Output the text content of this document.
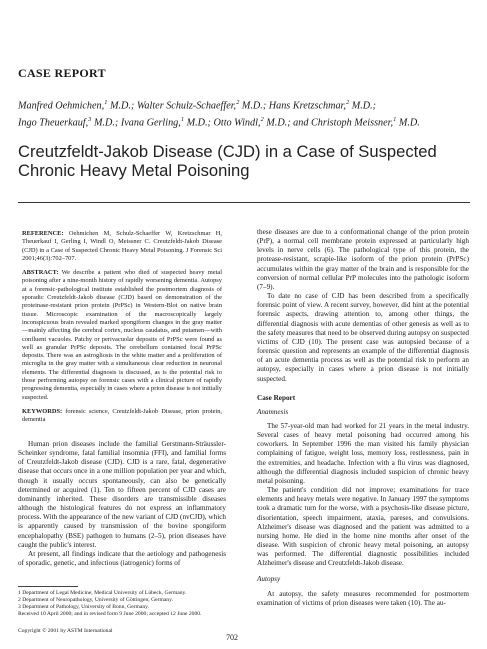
CASE REPORT
Manfred Oehmichen,$^1$ M.D.; Walter Schulz-Schaeffer,$^2$ M.D.; Hans Kretzschmar,$^2$ M.D.;
Ingo Theuerkauf,$^3$ M.D.; Ivana Gerling,$^1$ M.D.; Otto Windl,$^2$ M.D.; and Christoph Meissner,$^1$ M.D.
Creutzfeldt-Jakob Disease (CJD) in a Case of Suspected Chronic Heavy Metal Poisoning

REFERENCE: Oehmichen M, Schulz-Schaeffer W, Kretzschmar H, Theuerkauf I, Gerling I, Windl O, Meissner C. Creutzfeldt-Jakob Disease (CJD) in a Case of Suspected Chronic Heavy Metal Poisoning. J Forensic Sci 2001;46(3):702–707.

ABSTRACT: We describe a patient who died of suspected heavy metal poisoning after a nine-month history of rapidly worsening dementia. Autopsy at a forensic-pathological institute established the postmortem diagnosis of sporadic Creutzfeldt-Jakob disease (CJD) based on demonstration of the proteinase-resistant prion protein (PrPSc) in Western-Blot on native brain tissue. Microscopic examination of the macroscopically largely inconspicuous brain revealed marked spongiform changes in the gray matter—mainly affecting the cerebral cortex, nucleus caudatus, and putamen—with confluent vacuoles. Patchy or perivacuolar deposits of PrPSc were found as well as granular PrPSc deposits. The cerebellum contained focal PrPSc deposits. There was an astrogliosis in the white matter and a proliferation of microglia in the gray matter with a simultaneous clear reduction in neuronal elements. The differential diagnosis is discussed, as is the potential risk to those performing autopsy on forensic cases with a clinical picture of rapidly progressing dementia, especially in cases where a prion disease is not initially suspected.

KEYWORDS: forensic science, Creutzfeldt-Jakob Disease, prion protein, dementia

Human prion diseases include the familial Gerstmann-Sträussler-Scheinker syndrome, fatal familial insomnia (FFI), and familial forms of Creutzfeldt-Jakob disease (CJD). CJD is a rare, fatal, degenerative disease that occurs once in a one million population per year and which, though it usually occurs spontaneously, can also be genetically determined or acquired (1). Ten to fifteen percent of CJD cases are dominantly inherited. These disorders are transmissible diseases although the histological features do not express an inflammatory process. With the appearance of the new variant of CJD (nvCJD), which is apparently caused by transmission of the bovine spongiform encephalopathy (BSE) pathogen to humans (2–5), prion diseases have caught the public's interest.

At present, all findings indicate that the aetiology and pathogenesis of sporadic, genetic, and infectious (iatrogenic) forms of

1 Department of Legal Medicine, Medical University of Lübeck, Germany.
2 Department of Neuropathology, University of Göttingen, Germany.
3 Department of Pathology, University of Bonn, Germany.
Received 10 April 2000; and in revised form 9 June 2000; accepted 12 June 2000.
Copyright © 2001 by ASTM International
702

these diseases are due to a conformational change of the prion protein (PrP), a normal cell membrane protein expressed at particularly high levels in nerve cells (6). The pathological type of this protein, the protease-resistant, scrapie-like isoform of the prion protein (PrPSc) accumulates within the gray matter of the brain and is responsible for the conversion of normal cellular PrP molecules into the pathologic isoform (7–9).

To date no case of CJD has been described from a specifically forensic point of view. A recent survey, however, did hint at the potential forensic aspects, drawing attention to, among other things, the differential diagnosis with acute dementias of other genesis as well as to the safety measures that need to be observed during autopsy on suspected victims of CJD (10). The present case was autopsied because of a forensic question and represents an example of the differential diagnosis of an acute dementia process as well as the potential risk to perform an autopsy, especially in cases where a prion disease is not initially suspected.

Case Report
Anamnesis

The 57-year-old man had worked for 21 years in the metal industry. Several cases of heavy metal poisoning had occurred among his coworkers. In September 1996 the man visited his family physician complaining of fatigue, weight loss, memory loss, restlessness, pain in the extremities, and headache. Infection with a flu virus was diagnosed, although the differential diagnosis included suspicion of chronic heavy metal poisoning.

The patient's condition did not improve; examinations for trace elements and heavy metals were negative. In January 1997 the symptoms took a dramatic turn for the worse, with a psychosis-like disease picture, disorientation, speech impairment, ataxia, pareses, and convulsions. Alzheimer's disease was diagnosed and the patient was admitted to a nursing home. He died in the home nine months after onset of the disease. With suspicion of chronic heavy metal poisoning, an autopsy was performed. The differential diagnostic possibilities included Alzheimer's disease and Creutzfeldt-Jakob disease.

Autopsy

At autopsy, the safety measures recommended for postmortem examination of victims of prion diseases were taken (10). The au-
